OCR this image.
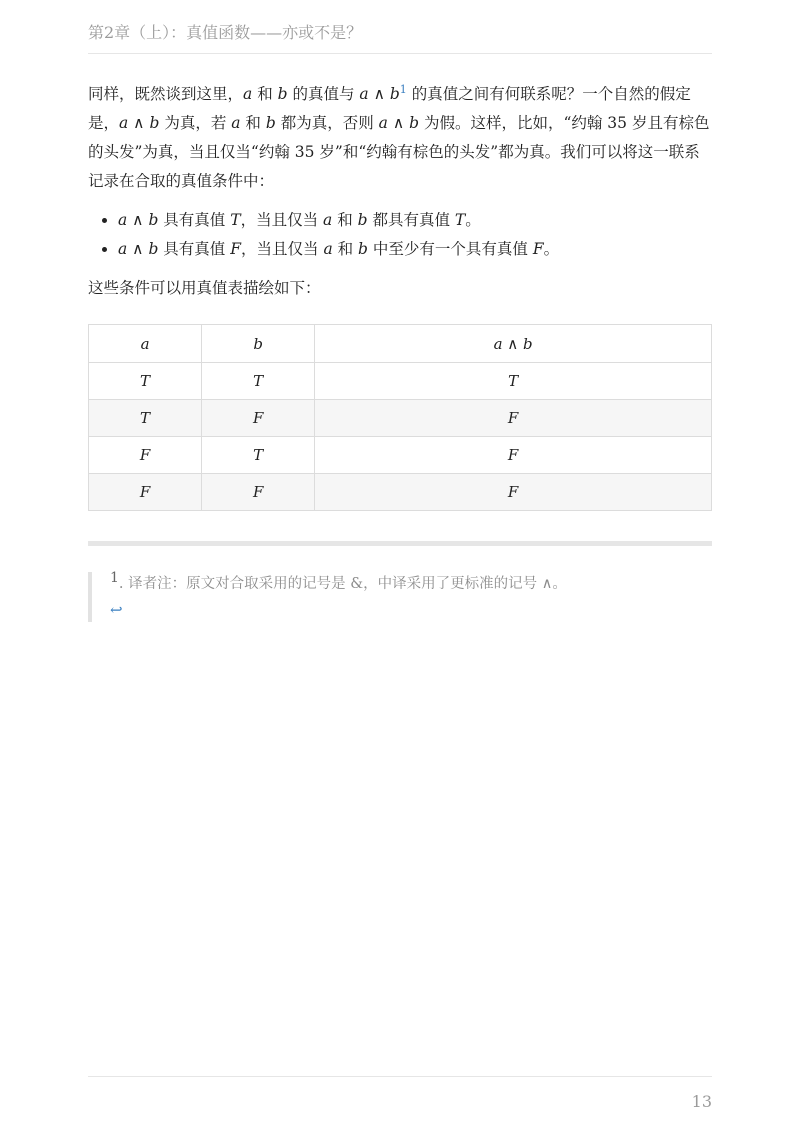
第2章（上）：真值函数——亦或不是？

同样，既然谈到这里，a 和 b 的真值与 a ∧ $b^1$ 的真值之间有何联系呢？一个自然的假定是，a ∧ b 为真，若 a 和 b 都为真，否则 a ∧ b 为假。这样，比如，“约翰 35 岁且有棕色的头发”为真，当且仅当“约翰 35 岁”和“约翰有棕色的头发”都为真。我们可以将这一联系记录在合取的真值条件中：

• a ∧ b 具有真值 T，当且仅当 a 和 b 都具有真值 T。
• a ∧ b 具有真值 F，当且仅当 a 和 b 中至少有一个具有真值 F。

这些条件可以用真值表描绘如下：

a	b	a ∧ b
T	T	T
T	F	F
F	T	F
F	F	F
1. 译者注：原文对合取采用的记号是 &，中译采用了更标准的记号 ∧。
↩
13
